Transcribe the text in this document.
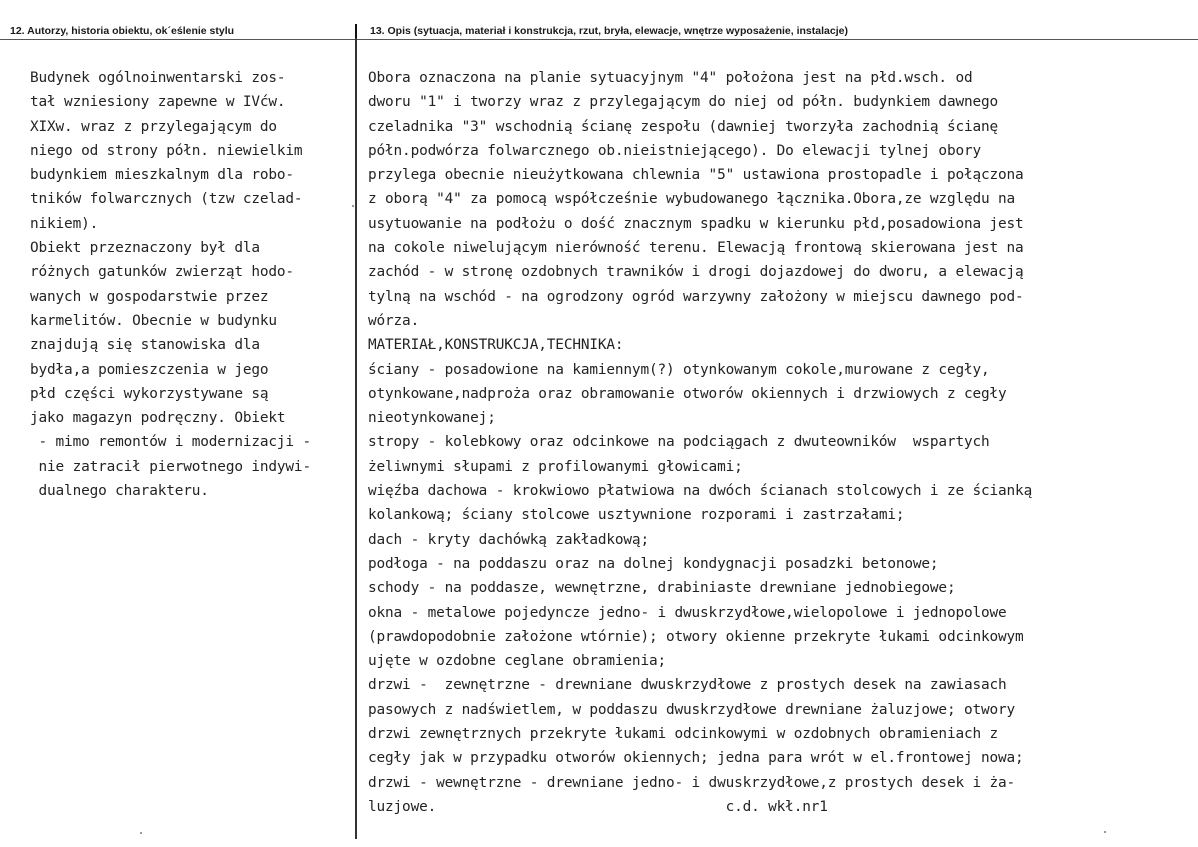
12. Autorzy, historia obiektu, ok´eślenie stylu	13. Opis (sytuacja, materiał i konstrukcja, rzut, bryła, elewacje, wnętrze wyposażenie, instalacje)
Budynek ogólnoinwentarski zos-
tał wzniesiony zapewne w IVćw.
XIXw. wraz z przylegającym do
niego od strony półn. niewielkim
budynkiem mieszkalnym dla robo-
tników folwarcznych (tzw czelad-
nikiem).
Obiekt przeznaczony był dla
różnych gatunków zwierząt hodo-
wanych w gospodarstwie przez
karmelitów. Obecnie w budynku
znajdują się stanowiska dla
bydła,a pomieszczenia w jego
płd części wykorzystywane są
jako magazyn podręczny. Obiekt
- mimo remontów i modernizacji -
nie zatracił pierwotnego indywi-
dualnego charakteru.
Obora oznaczona na planie sytuacyjnym "4" położona jest na płd.wsch. od
dworu "1" i tworzy wraz z przylegającym do niej od półn. budynkiem dawnego
czeladnika "3" wschodnią ścianę zespołu (dawniej tworzyła zachodnią ścianę
półn.podwórza folwarcznego ob.nieistniejącego). Do elewacji tylnej obory
przylega obecnie nieużytkowana chlewnia "5" ustawiona prostopadle i połączona
z oborą "4" za pomocą współcześnie wybudowanego łącznika.Obora,ze względu na
usytuowanie na podłożu o dość znacznym spadku w kierunku płd,posadowiona jest
na cokole niwelującym nierówność terenu. Elewacją frontową skierowana jest na
zachód - w stronę ozdobnych trawników i drogi dojazdowej do dworu, a elewacją
tylną na wschód - na ogrodzony ogród warzywny założony w miejscu dawnego pod-
wórza.
MATERIAŁ,KONSTRUKCJA,TECHNIKA:
ściany - posadowione na kamiennym(?) otynkowanym cokole,murowane z cegły,
otynkowane,nadproża oraz obramowanie otworów okiennych i drzwiowych z cegły
nieotynkowanej;
stropy - kolebkowy oraz odcinkowe na podciągach z dwuteowników  wspartych
żeliwnymi słupami z profilowanymi głowicami;
więźba dachowa - krokwiowo płatwiowa na dwóch ścianach stolcowych i ze ścianką
kolankową; ściany stolcowe usztywnione rozporami i zastrzałami;
dach - kryty dachówką zakładkową;
podłoga - na poddaszu oraz na dolnej kondygnacji posadzki betonowe;
schody - na poddasze, wewnętrzne, drabiniaste drewniane jednobiegowe;
okna - metalowe pojedyncze jedno- i dwuskrzydłowe,wielopolowe i jednopolowe
(prawdopodobnie założone wtórnie); otwory okienne przekryte łukami odcinkowym
ujęte w ozdobne ceglane obramienia;
drzwi -  zewnętrzne - drewniane dwuskrzydłowe z prostych desek na zawiasach
pasowych z nadświetlem, w poddaszu dwuskrzydłowe drewniane żaluzjowe; otwory
drzwi zewnętrznych przekryte łukami odcinkowymi w ozdobnych obramieniach z
cegły jak w przypadku otworów okiennych; jedna para wrót w el.frontowej nowa;
drzwi - wewnętrzne - drewniane jedno- i dwuskrzydłowe,z prostych desek i ża-
luzjowe.                                  c.d. wkł.nr1
